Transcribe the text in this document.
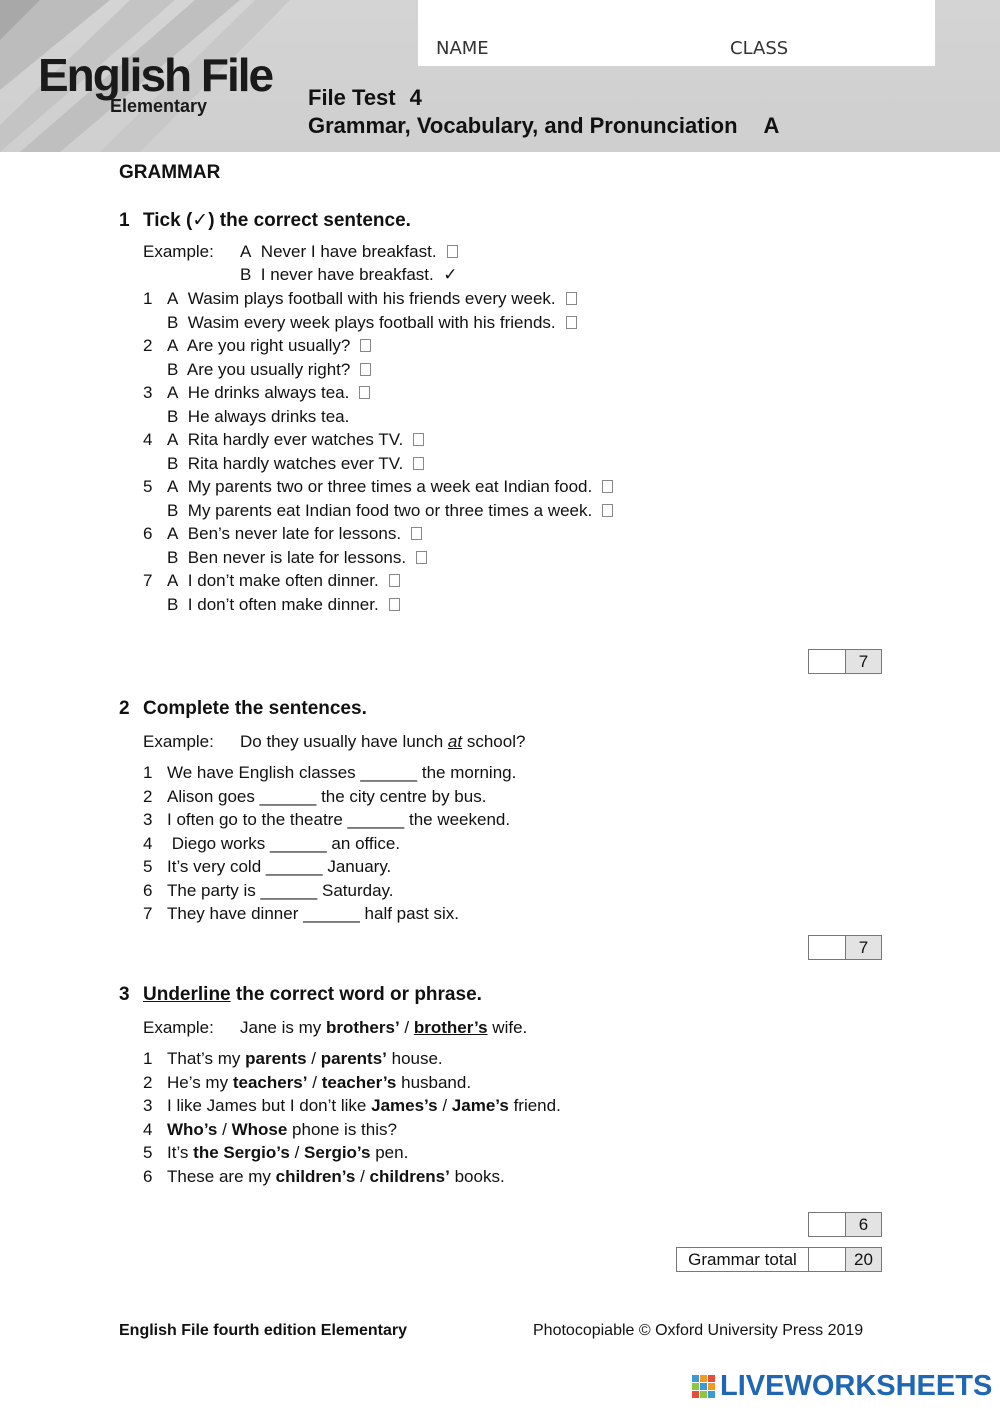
English File
Elementary
NAME	CLASS
File Test 4
Grammar, Vocabulary, and Pronunciation A
GRAMMAR
1 Tick (✓) the correct sentence.
Example: A Never I have breakfast.
B I never have breakfast. ✓
1 A Wasim plays football with his friends every week.
B Wasim every week plays football with his friends.
2 A Are you right usually?
B Are you usually right?
3 A He drinks always tea.
B He always drinks tea.
4 A Rita hardly ever watches TV.
B Rita hardly watches ever TV.
5 A My parents two or three times a week eat Indian food.
B My parents eat Indian food two or three times a week.
6 A Ben’s never late for lessons.
B Ben never is late for lessons.
7 A I don’t make often dinner.
B I don’t often make dinner.
7
2 Complete the sentences.
Example: Do they usually have lunch at school?
1 We have English classes ______ the morning.
2 Alison goes ______ the city centre by bus.
3 I often go to the theatre ______ the weekend.
4 Diego works ______ an office.
5 It’s very cold ______ January.
6 The party is ______ Saturday.
7 They have dinner ______ half past six.
7
3 Underline the correct word or phrase.
Example: Jane is my brothers’ / brother’s wife.
1 That’s my parents / parents’ house.
2 He’s my teachers’ / teacher’s husband.
3 I like James but I don’t like James’s / Jame’s friend.
4 Who’s / Whose phone is this?
5 It’s the Sergio’s / Sergio’s pen.
6 These are my children’s / childrens’ books.
6
Grammar total	20
English File fourth edition Elementary	Photocopiable © Oxford University Press 2019
LIVEWORKSHEETS
